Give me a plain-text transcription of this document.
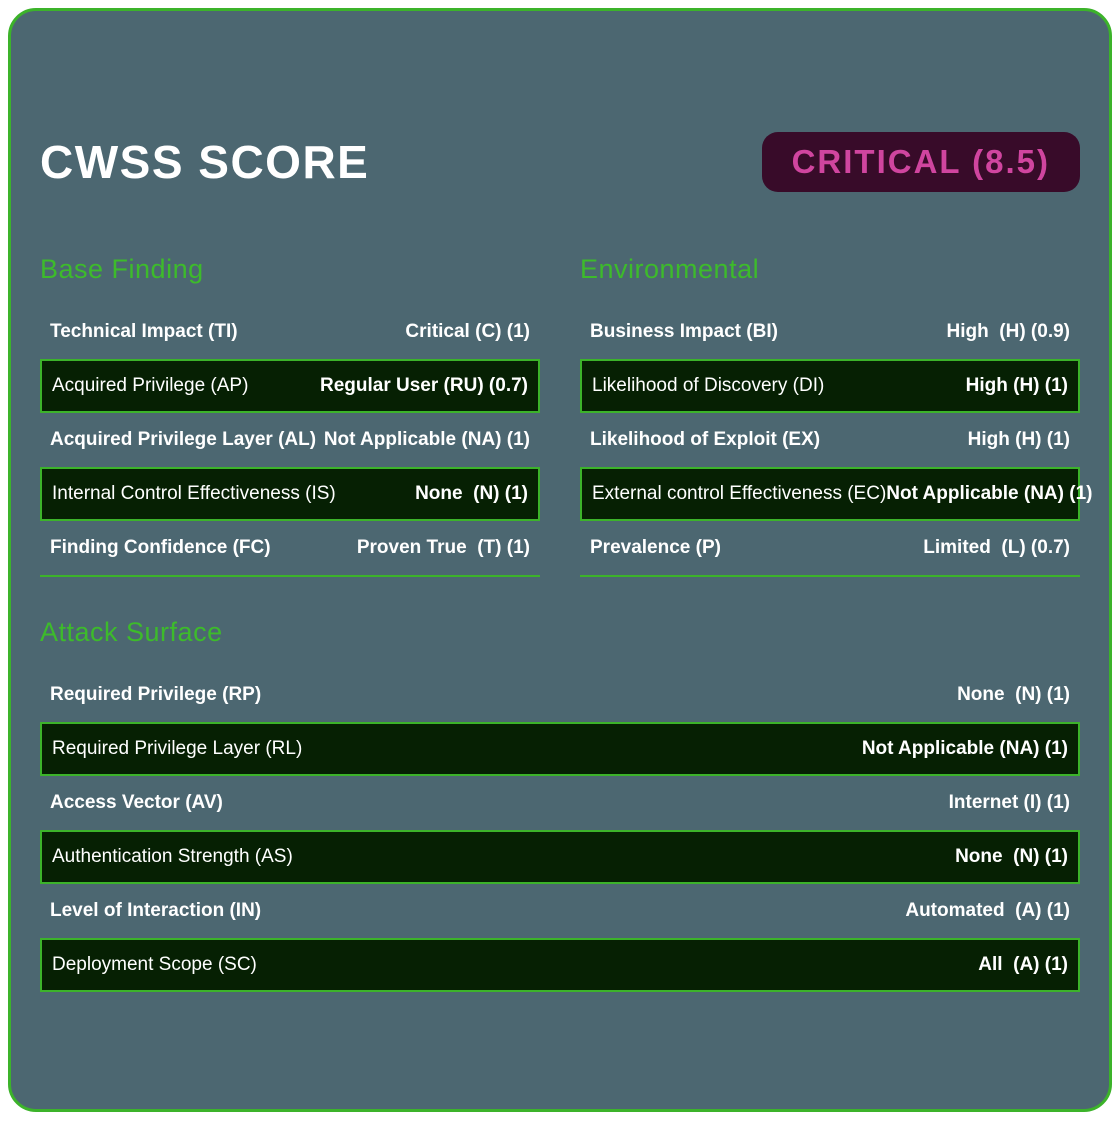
CWSS SCORE	CRITICAL (8.5)
Base Finding
Technical Impact (TI)	Critical (C) (1)
Acquired Privilege (AP)	Regular User (RU) (0.7)
Acquired Privilege Layer (AL) Not Applicable (NA) (1)
Internal Control Effectiveness (IS)	None  (N) (1)
Finding Confidence (FC)	Proven True  (T) (1)
Environmental
Business Impact (BI)	High  (H) (0.9)
Likelihood of Discovery (DI)	High (H) (1)
Likelihood of Exploit (EX)	High (H) (1)
External control Effectiveness (EC) Not Applicable (NA) (1)
Prevalence (P)	Limited  (L) (0.7)
Attack Surface
Required Privilege (RP)	None  (N) (1)
Required Privilege Layer (RL)	Not Applicable (NA) (1)
Access Vector (AV)	Internet (I) (1)
Authentication Strength (AS)	None  (N) (1)
Level of Interaction (IN)	Automated  (A) (1)
Deployment Scope (SC)	All  (A) (1)
